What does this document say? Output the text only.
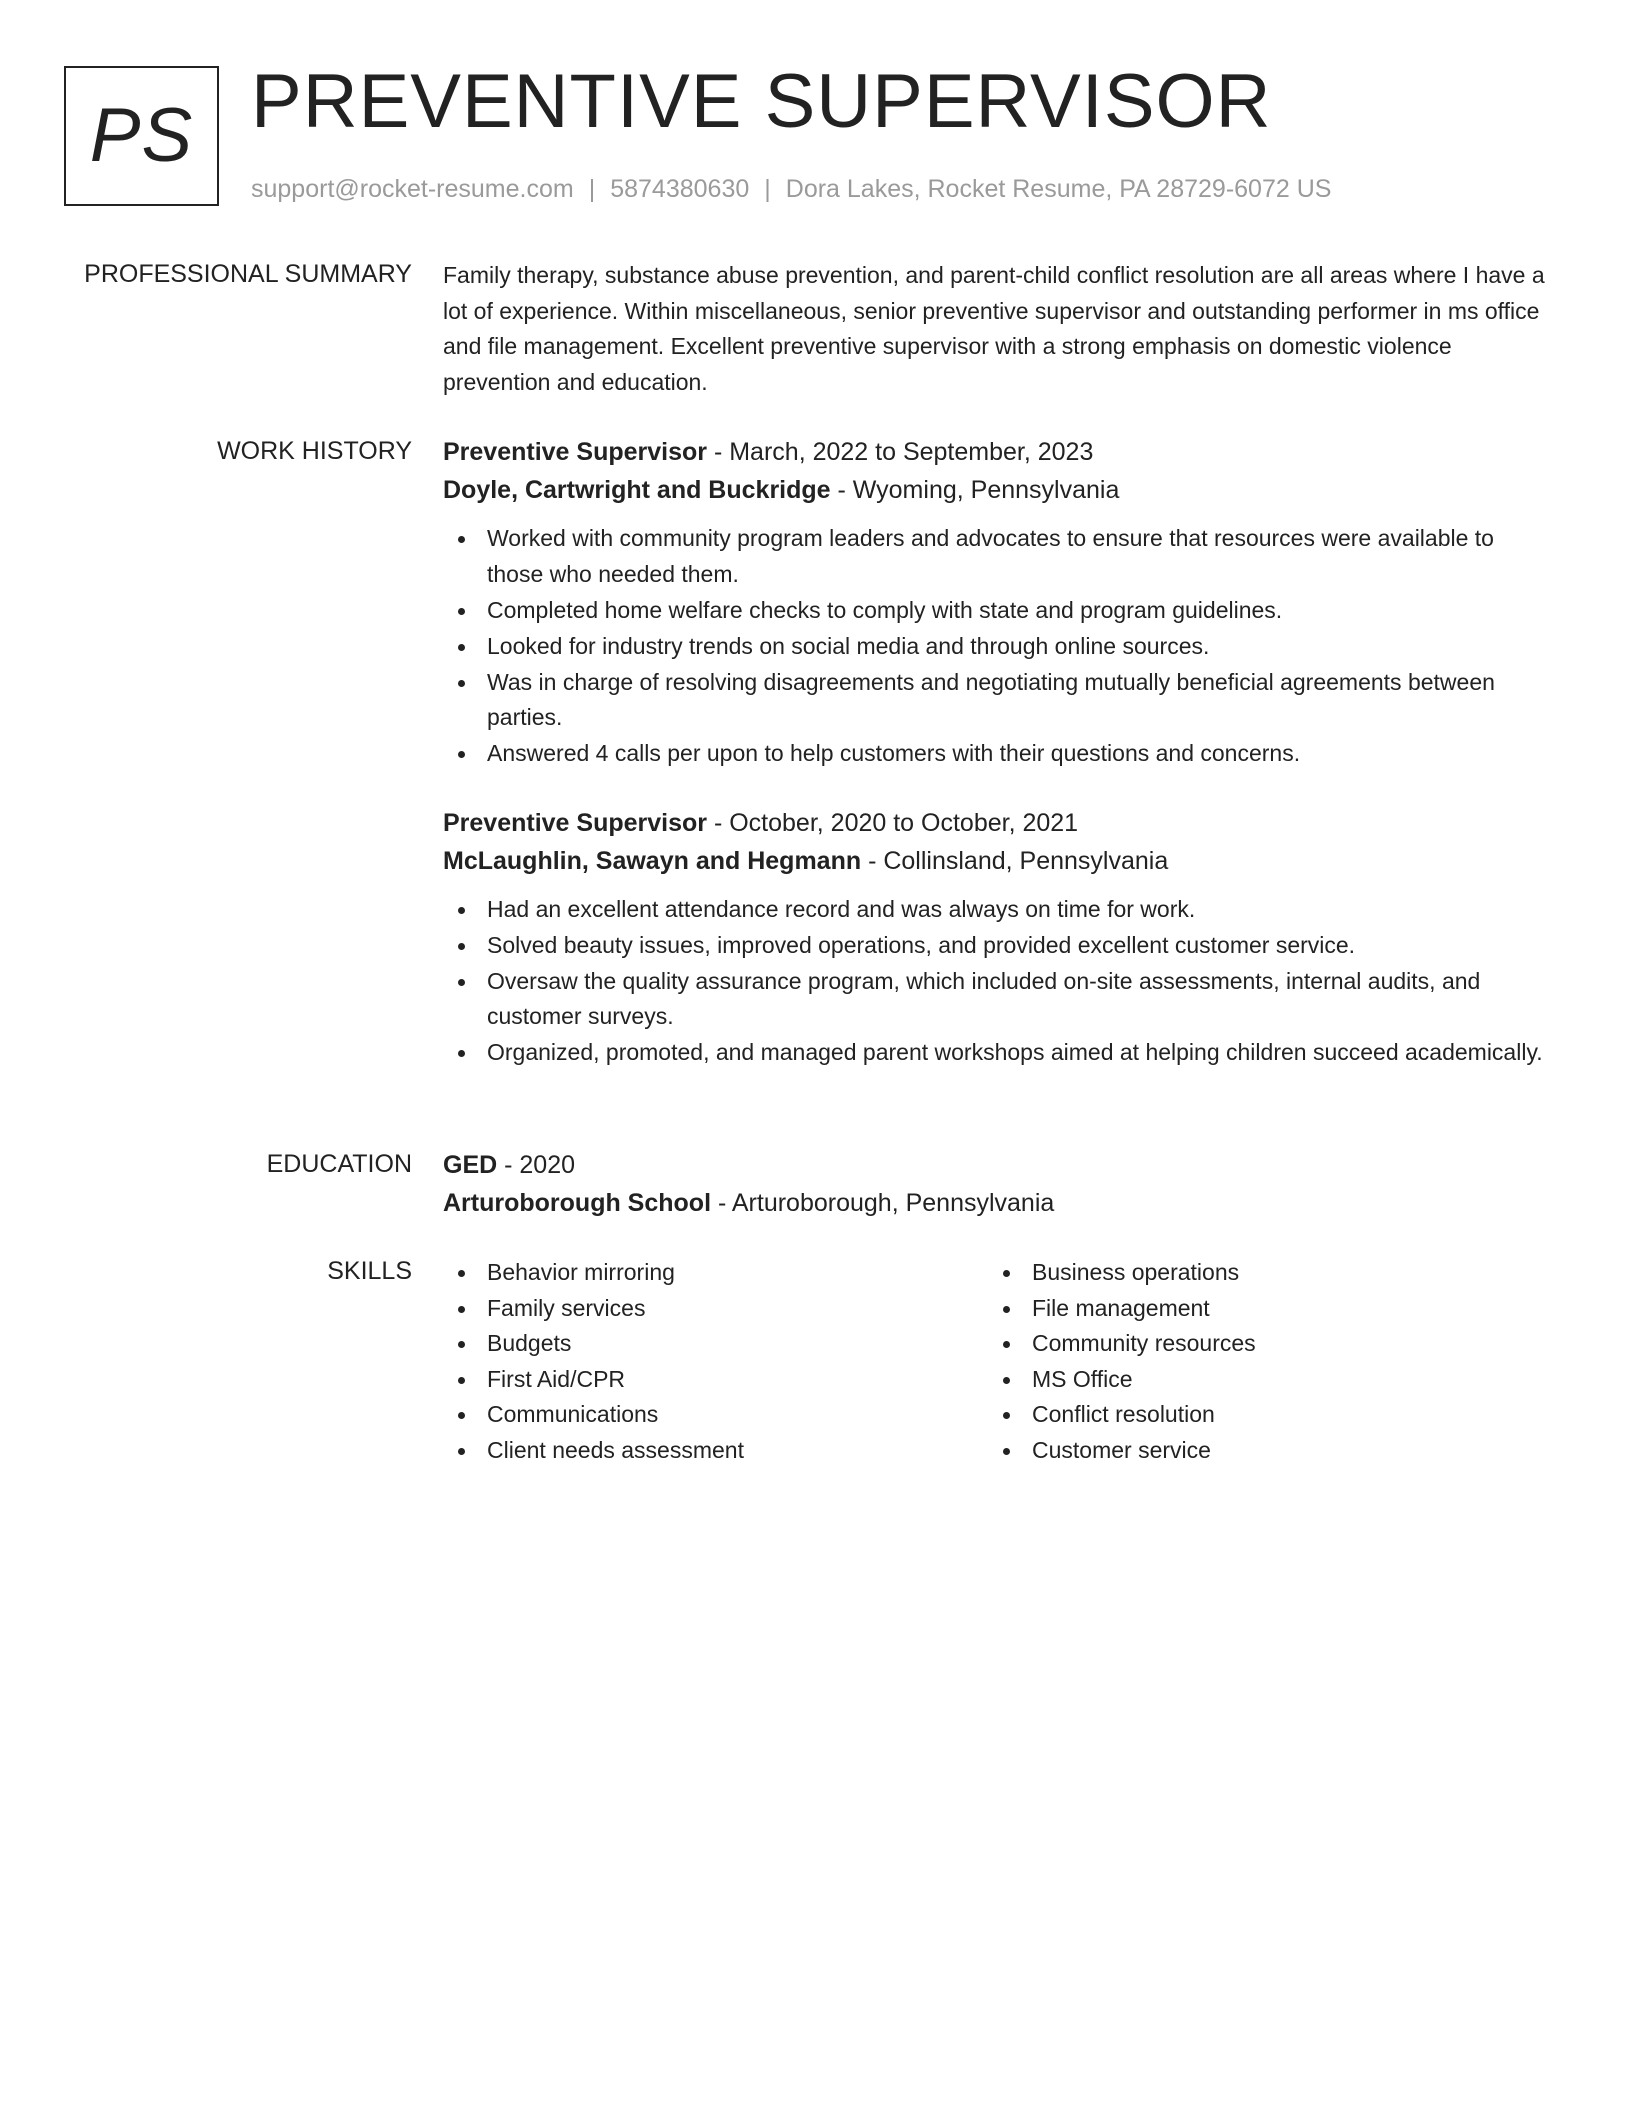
PS PREVENTIVE SUPERVISOR
support@rocket-resume.com | 5874380630 | Dora Lakes, Rocket Resume, PA 28729-6072 US
PROFESSIONAL SUMMARY Family therapy, substance abuse prevention, and parent-child conflict resolution are all areas where I have a lot of experience. Within miscellaneous, senior preventive supervisor and outstanding performer in ms office and file management. Excellent preventive supervisor with a strong emphasis on domestic violence prevention and education.

WORK HISTORY Preventive Supervisor - March, 2022 to September, 2023
Doyle, Cartwright and Buckridge - Wyoming, Pennsylvania
Worked with community program leaders and advocates to ensure that resources were available to those who needed them.
Completed home welfare checks to comply with state and program guidelines.
Looked for industry trends on social media and through online sources.
Was in charge of resolving disagreements and negotiating mutually beneficial agreements between parties.
Answered 4 calls per upon to help customers with their questions and concerns.
Preventive Supervisor - October, 2020 to October, 2021
McLaughlin, Sawayn and Hegmann - Collinsland, Pennsylvania
Had an excellent attendance record and was always on time for work.
Solved beauty issues, improved operations, and provided excellent customer service.
Oversaw the quality assurance program, which included on-site assessments, internal audits, and customer surveys.
Organized, promoted, and managed parent workshops aimed at helping children succeed academically.
EDUCATION GED - 2020
Arturoborough School - Arturoborough, Pennsylvania
SKILLS	Behavior mirroring
Family services
Budgets
First Aid/CPR
Communications
Client needs assessment
Business operations
File management
Community resources
MS Office
Conflict resolution
Customer service
